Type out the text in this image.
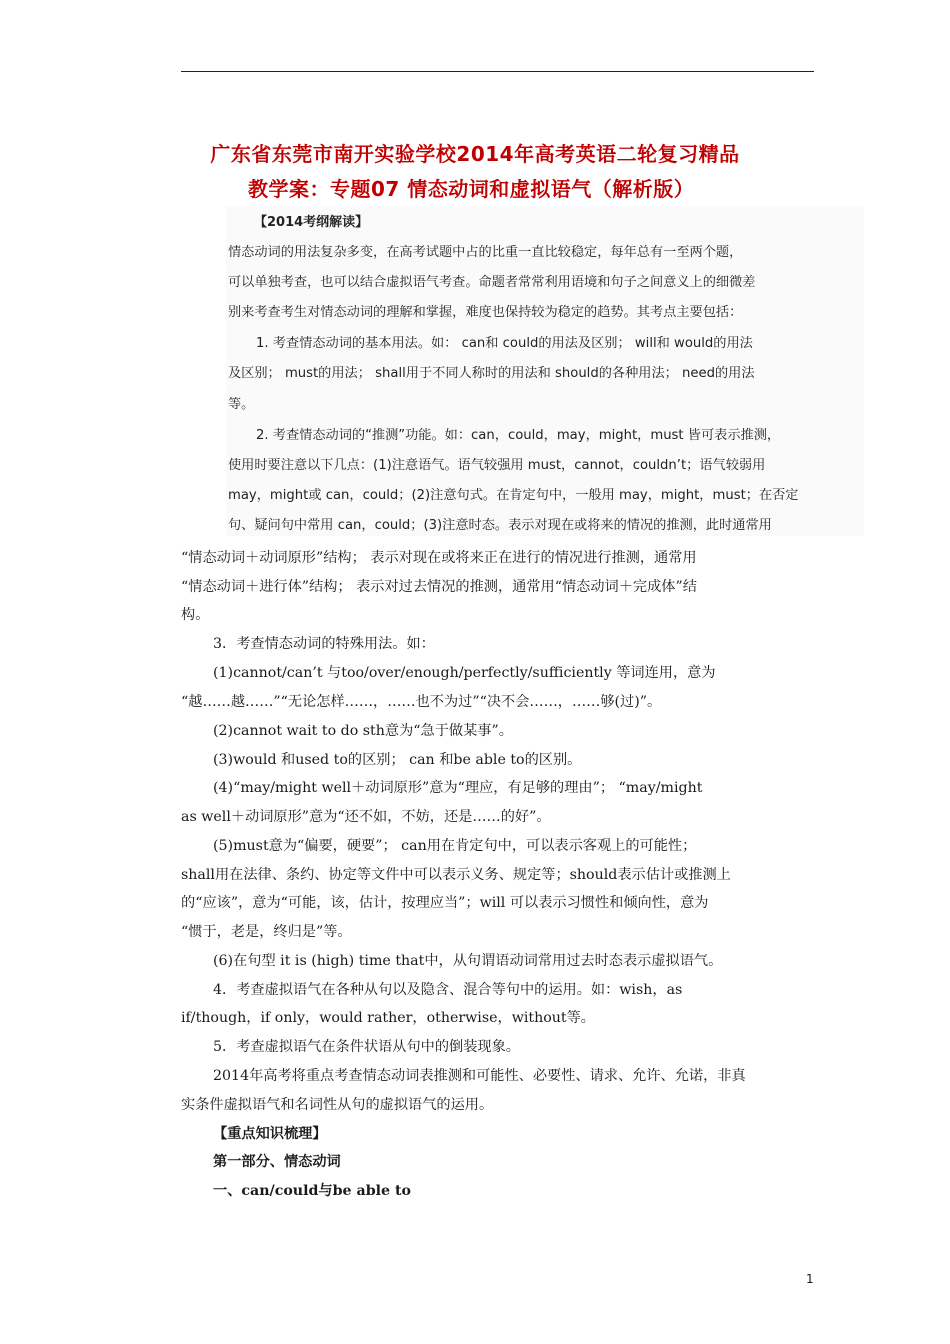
广东省东莞市南开实验学校2014年高考英语二轮复习精品
教学案：专题07 情态动词和虚拟语气（解析版）
【2014考纲解读】
情态动词的用法复杂多变，在高考试题中占的比重一直比较稳定，每年总有一至两个题，
可以单独考查，也可以结合虚拟语气考查。命题者常常利用语境和句子之间意义上的细微差
别来考查考生对情态动词的理解和掌握，难度也保持较为稳定的趋势。其考点主要包括：
1. 考查情态动词的基本用法。如： can和 could的用法及区别； will和 would的用法
及区别； must的用法； shall用于不同人称时的用法和 should的各种用法； need的用法
等。
2. 考查情态动词的“推测”功能。如：can，could，may，might，must 皆可表示推测，
使用时要注意以下几点：(1)注意语气。语气较强用 must，cannot，couldn’t；语气较弱用
may，might或 can，could；(2)注意句式。在肯定句中，一般用 may，might，must；在否定
句、疑问句中常用 can，could；(3)注意时态。表示对现在或将来的情况的推测，此时通常用
“情态动词＋动词原形”结构； 表示对现在或将来正在进行的情况进行推测，通常用
“情态动词＋进行体”结构； 表示对过去情况的推测，通常用“情态动词＋完成体”结
构。
3．考查情态动词的特殊用法。如：
(1)cannot/can’t 与too/over/enough/perfectly/sufficiently 等词连用，意为
“越……越……”“无论怎样……，……也不为过”“决不会……，……够(过)”。
(2)cannot wait to do sth意为“急于做某事”。
(3)would 和used to的区别； can 和be able to的区别。
(4)“may/might well＋动词原形”意为“理应，有足够的理由”； “may/might
as well＋动词原形”意为“还不如，不妨，还是……的好”。
(5)must意为“偏要，硬要”； can用在肯定句中，可以表示客观上的可能性；
shall用在法律、条约、协定等文件中可以表示义务、规定等；should表示估计或推测上
的“应该”，意为“可能，该，估计，按理应当”；will 可以表示习惯性和倾向性，意为
“惯于，老是，终归是”等。
(6)在句型 it is (high) time that中，从句谓语动词常用过去时态表示虚拟语气。
4．考查虚拟语气在各种从句以及隐含、混合等句中的运用。如：wish，as
if/though，if only，would rather，otherwise，without等。
5．考查虚拟语气在条件状语从句中的倒装现象。
2014年高考将重点考查情态动词表推测和可能性、必要性、请求、允许、允诺，非真
实条件虚拟语气和名词性从句的虚拟语气的运用。
【重点知识梳理】
第一部分、情态动词
一、can/could与be able to
1
